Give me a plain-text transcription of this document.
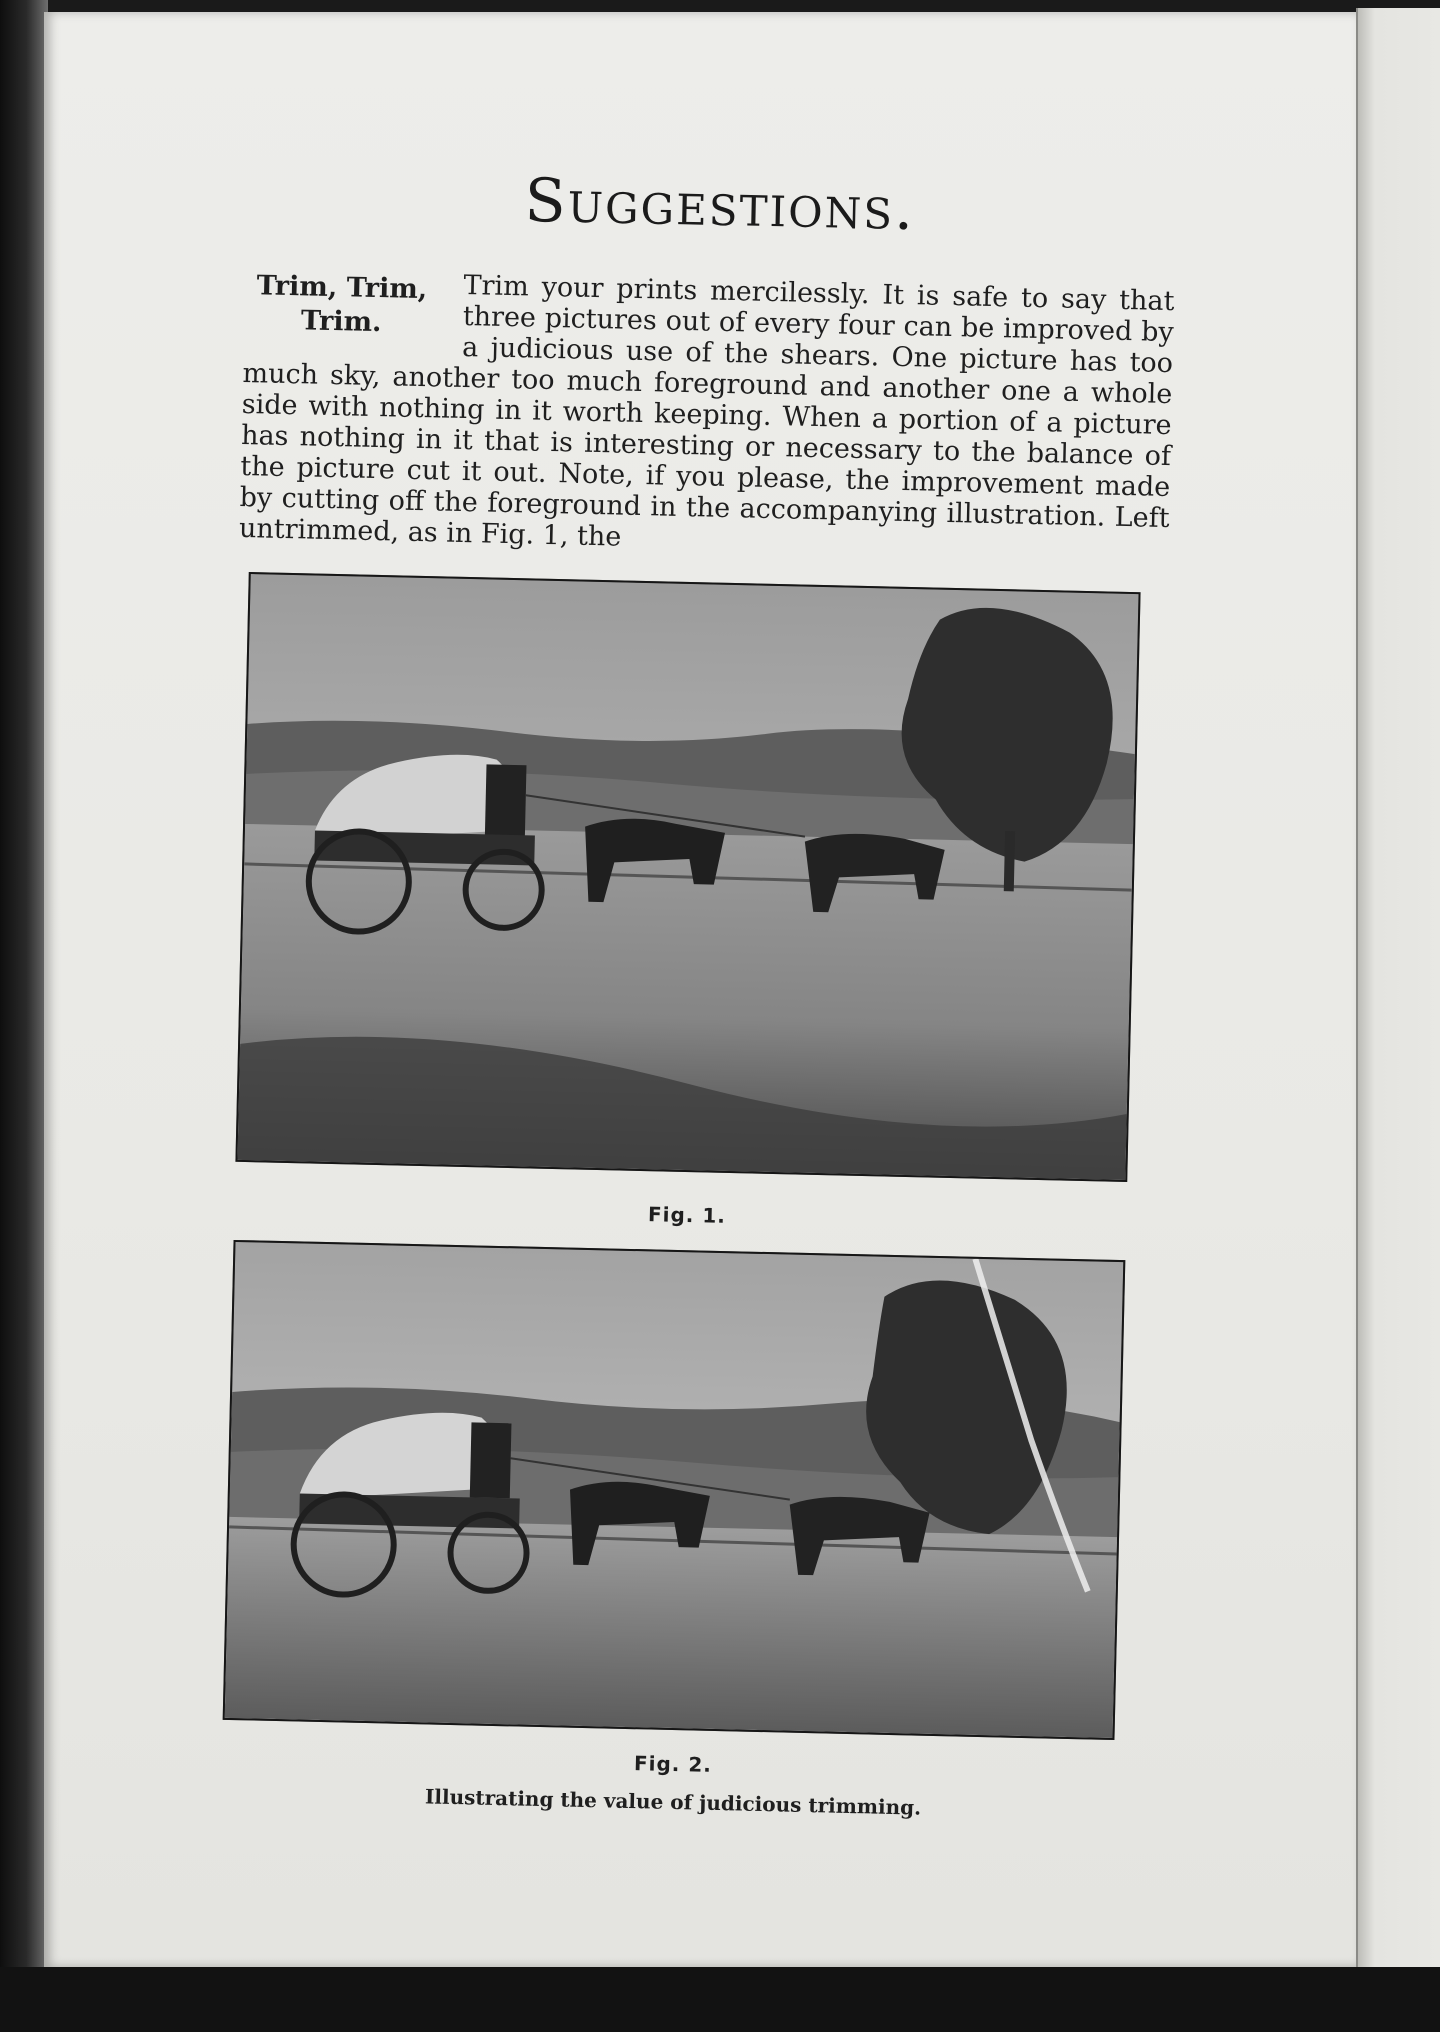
Suggestions.
Trim, Trim,
Trim.

Trim your prints mercilessly. It is safe to say that three pictures out of every four can be improved by a judicious use of the shears. One picture has too much sky, another too much foreground and another one a whole side with nothing in it worth keeping. When a portion of a picture has nothing in it that is interesting or necessary to the balance of the picture cut it out. Note, if you please, the improvement made by cutting off the foreground in the accompanying illustration. Left untrimmed, as in Fig. 1, the

Fig. 1.

Fig. 2.

Illustrating the value of judicious trimming.
